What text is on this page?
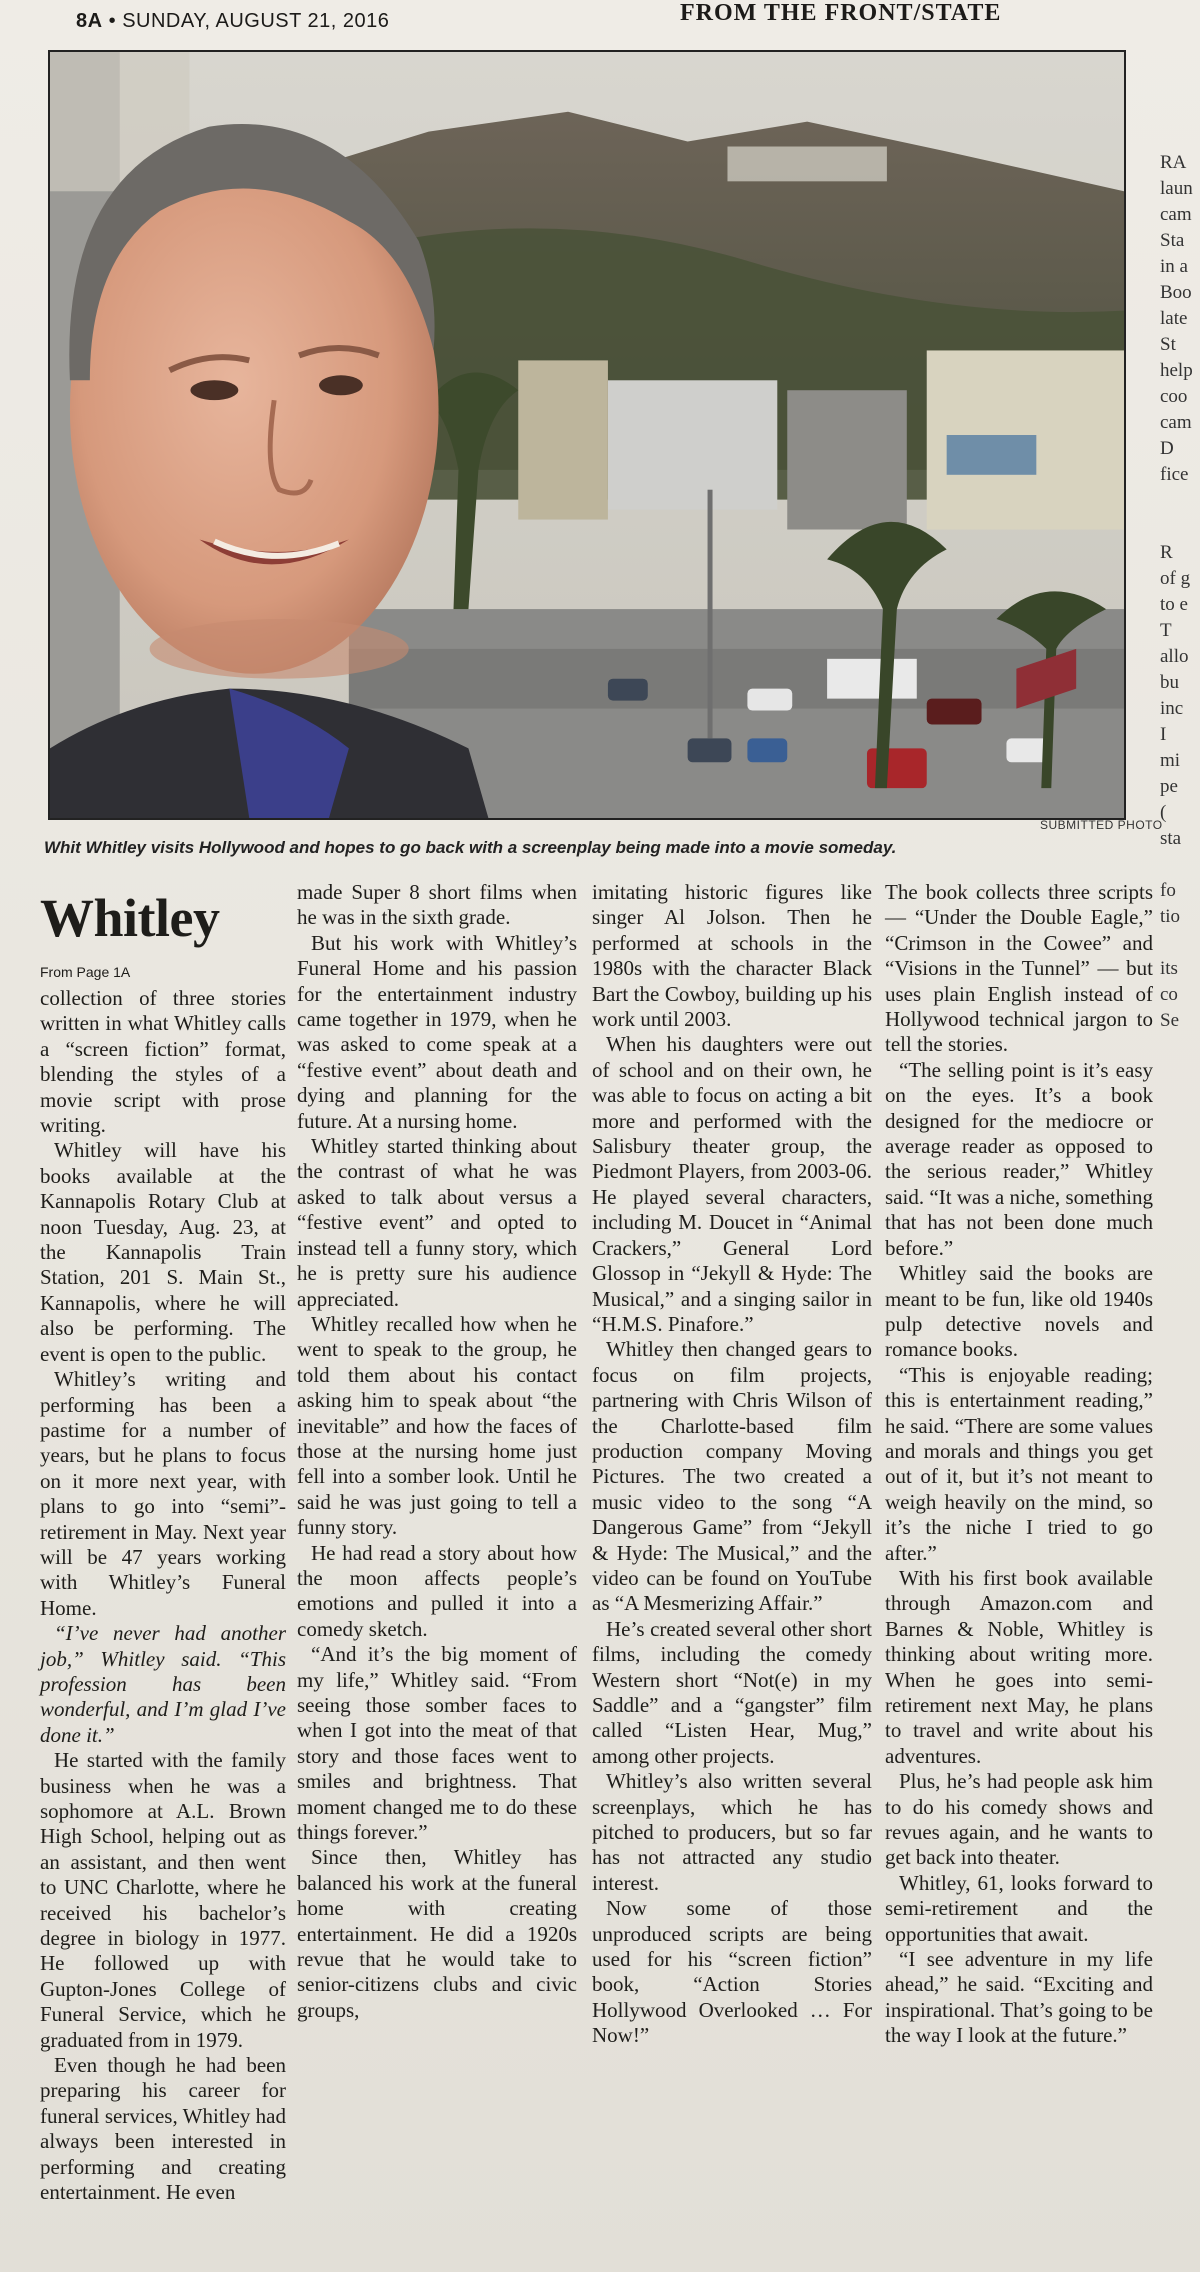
8A • SUNDAY, AUGUST 21, 2016	FROM THE FRONT/STATE
SUBMITTED PHOTO
Whit Whitley visits Hollywood and hopes to go back with a screenplay being made into a movie someday.
RA
laun
cam
Sta
in a
Boo
late
St
help
coo
cam
D
fice

R
of g
to e
T
allo
bu
inc
I
mi
pe
(
sta

fo
tio

its
co
Se
Whitley

From Page 1A

collection of three stories written in what Whitley calls a “screen fiction” format, blending the styles of a movie script with prose writing.

Whitley will have his books available at the Kannapolis Rotary Club at noon Tuesday, Aug. 23, at the Kannapolis Train Station, 201 S. Main St., Kannapolis, where he will also be performing. The event is open to the public.

Whitley’s writing and performing has been a pastime for a number of years, but he plans to focus on it more next year, with plans to go into “semi”-retirement in May. Next year will be 47 years working with Whitley’s Funeral Home.

“I’ve never had another job,” Whitley said. “This profession has been wonderful, and I’m glad I’ve done it.”

He started with the family business when he was a sophomore at A.L. Brown High School, helping out as an assistant, and then went to UNC Charlotte, where he received his bachelor’s degree in biology in 1977. He followed up with Gupton-Jones College of Funeral Service, which he graduated from in 1979.

Even though he had been preparing his career for funeral services, Whitley had always been interested in performing and creating entertainment. He even

made Super 8 short films when he was in the sixth grade.

But his work with Whitley’s Funeral Home and his passion for the entertainment industry came together in 1979, when he was asked to come speak at a “festive event” about death and dying and planning for the future. At a nursing home.

Whitley started thinking about the contrast of what he was asked to talk about versus a “festive event” and opted to instead tell a funny story, which he is pretty sure his audience appreciated.

Whitley recalled how when he went to speak to the group, he told them about his contact asking him to speak about “the inevitable” and how the faces of those at the nursing home just fell into a somber look. Until he said he was just going to tell a funny story.

He had read a story about how the moon affects people’s emotions and pulled it into a comedy sketch.

“And it’s the big moment of my life,” Whitley said. “From seeing those somber faces to when I got into the meat of that story and those faces went to smiles and brightness. That moment changed me to do these things forever.”

Since then, Whitley has balanced his work at the funeral home with creating entertainment. He did a 1920s revue that he would take to senior-citizens clubs and civic groups,

imitating historic figures like singer Al Jolson. Then he performed at schools in the 1980s with the character Black Bart the Cowboy, building up his work until 2003.

When his daughters were out of school and on their own, he was able to focus on acting a bit more and performed with the Salisbury theater group, the Piedmont Players, from 2003-06. He played several characters, including M. Doucet in “Animal Crackers,” General Lord Glossop in “Jekyll & Hyde: The Musical,” and a singing sailor in “H.M.S. Pinafore.”

Whitley then changed gears to focus on film projects, partnering with Chris Wilson of the Charlotte-based film production company Moving Pictures. The two created a music video to the song “A Dangerous Game” from “Jekyll & Hyde: The Musical,” and the video can be found on YouTube as “A Mesmerizing Affair.”

He’s created several other short films, including the comedy Western short “Not(e) in my Saddle” and a “gangster” film called “Listen Hear, Mug,” among other projects.

Whitley’s also written several screenplays, which he has pitched to producers, but so far has not attracted any studio interest.

Now some of those unproduced scripts are being used for his “screen fiction” book, “Action Stories Hollywood Overlooked … For Now!”

The book collects three scripts — “Under the Double Eagle,” “Crimson in the Cowee” and “Visions in the Tunnel” — but uses plain English instead of Hollywood technical jargon to tell the stories.

“The selling point is it’s easy on the eyes. It’s a book designed for the mediocre or average reader as opposed to the serious reader,” Whitley said. “It was a niche, something that has not been done much before.”

Whitley said the books are meant to be fun, like old 1940s pulp detective novels and romance books.

“This is enjoyable reading; this is entertainment reading,” he said. “There are some values and morals and things you get out of it, but it’s not meant to weigh heavily on the mind, so it’s the niche I tried to go after.”

With his first book available through Amazon.com and Barnes & Noble, Whitley is thinking about writing more. When he goes into semi-retirement next May, he plans to travel and write about his adventures.

Plus, he’s had people ask him to do his comedy shows and revues again, and he wants to get back into theater.

Whitley, 61, looks forward to semi-retirement and the opportunities that await.

“I see adventure in my life ahead,” he said. “Exciting and inspirational. That’s going to be the way I look at the future.”
